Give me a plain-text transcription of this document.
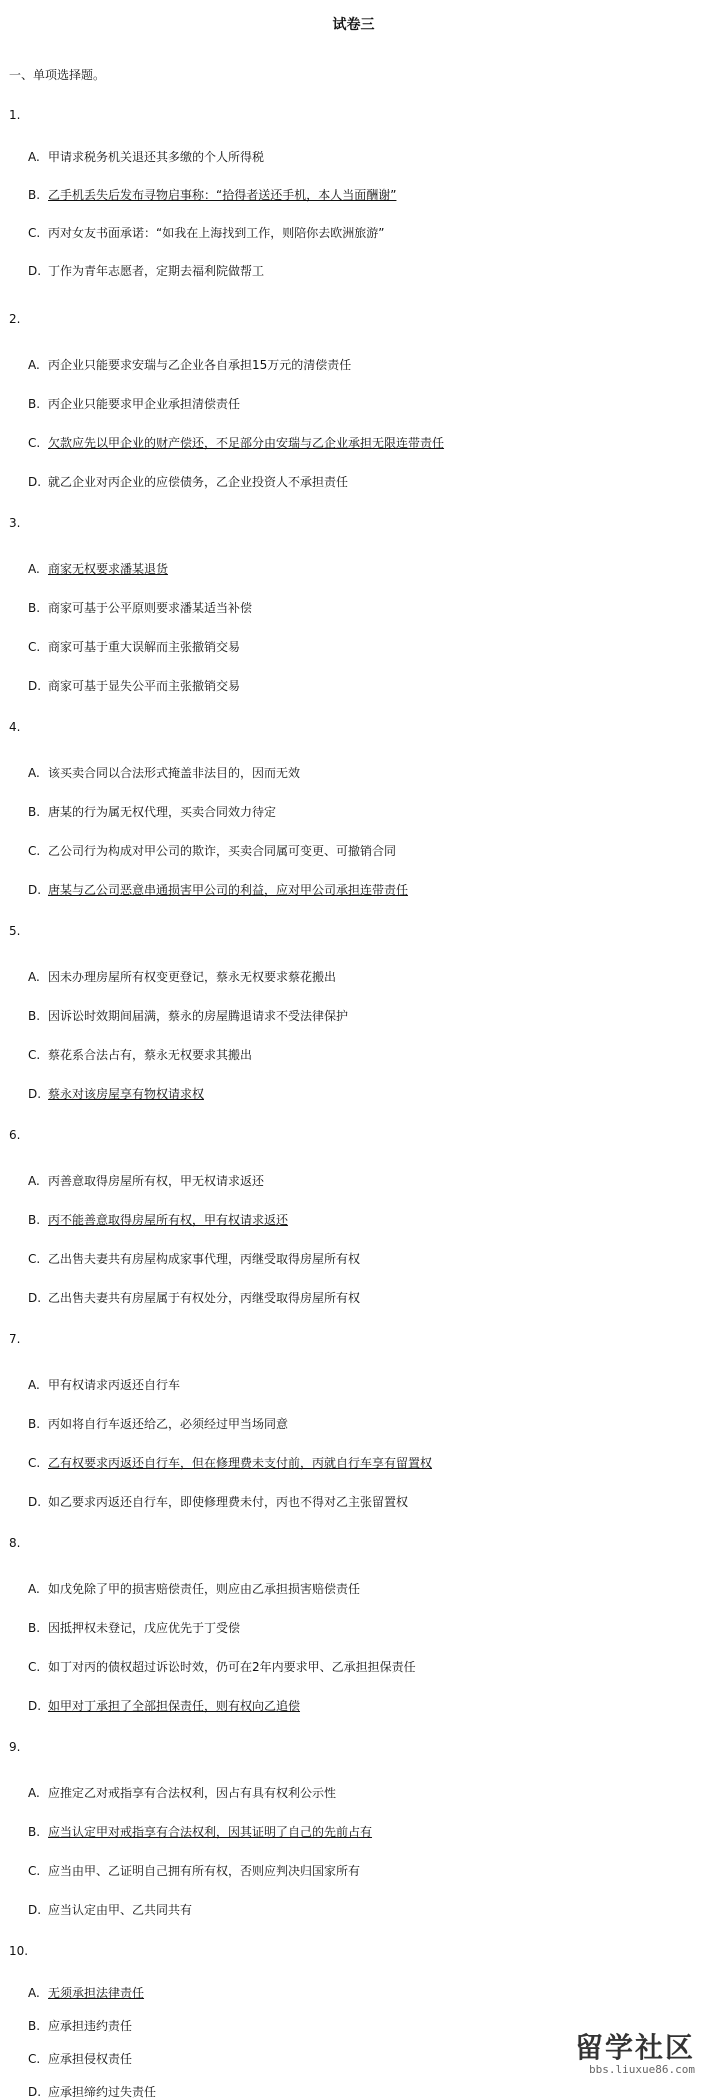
试卷三
一、单项选择题。
1.
A. 甲请求税务机关退还其多缴的个人所得税
B. 乙手机丢失后发布寻物启事称：“拾得者送还手机，本人当面酬谢”
C. 丙对女友书面承诺：“如我在上海找到工作，则陪你去欧洲旅游”
D. 丁作为青年志愿者，定期去福利院做帮工
2.
A. 丙企业只能要求安瑞与乙企业各自承担15万元的清偿责任
B. 丙企业只能要求甲企业承担清偿责任
C. 欠款应先以甲企业的财产偿还，不足部分由安瑞与乙企业承担无限连带责任
D. 就乙企业对丙企业的应偿债务，乙企业投资人不承担责任
3.
A. 商家无权要求潘某退货
B. 商家可基于公平原则要求潘某适当补偿
C. 商家可基于重大误解而主张撤销交易
D. 商家可基于显失公平而主张撤销交易
4.
A. 该买卖合同以合法形式掩盖非法目的，因而无效
B. 唐某的行为属无权代理，买卖合同效力待定
C. 乙公司行为构成对甲公司的欺诈，买卖合同属可变更、可撤销合同
D. 唐某与乙公司恶意串通损害甲公司的利益，应对甲公司承担连带责任
5.
A. 因未办理房屋所有权变更登记，蔡永无权要求蔡花搬出
B. 因诉讼时效期间届满，蔡永的房屋腾退请求不受法律保护
C. 蔡花系合法占有，蔡永无权要求其搬出
D. 蔡永对该房屋享有物权请求权
6.
A. 丙善意取得房屋所有权，甲无权请求返还
B. 丙不能善意取得房屋所有权，甲有权请求返还
C. 乙出售夫妻共有房屋构成家事代理，丙继受取得房屋所有权
D. 乙出售夫妻共有房屋属于有权处分，丙继受取得房屋所有权
7.
A. 甲有权请求丙返还自行车
B. 丙如将自行车返还给乙，必须经过甲当场同意
C. 乙有权要求丙返还自行车，但在修理费未支付前，丙就自行车享有留置权
D. 如乙要求丙返还自行车，即使修理费未付，丙也不得对乙主张留置权
8.
A. 如戊免除了甲的损害赔偿责任，则应由乙承担损害赔偿责任
B. 因抵押权未登记，戊应优先于丁受偿
C. 如丁对丙的债权超过诉讼时效，仍可在2年内要求甲、乙承担担保责任
D. 如甲对丁承担了全部担保责任，则有权向乙追偿
9.
A. 应推定乙对戒指享有合法权利，因占有具有权利公示性
B. 应当认定甲对戒指享有合法权利，因其证明了自己的先前占有
C. 应当由甲、乙证明自己拥有所有权，否则应判决归国家所有
D. 应当认定由甲、乙共同共有
10.
A. 无须承担法律责任
B. 应承担违约责任
C. 应承担侵权责任
D. 应承担缔约过失责任
留学社区
bbs.liuxue86.com
